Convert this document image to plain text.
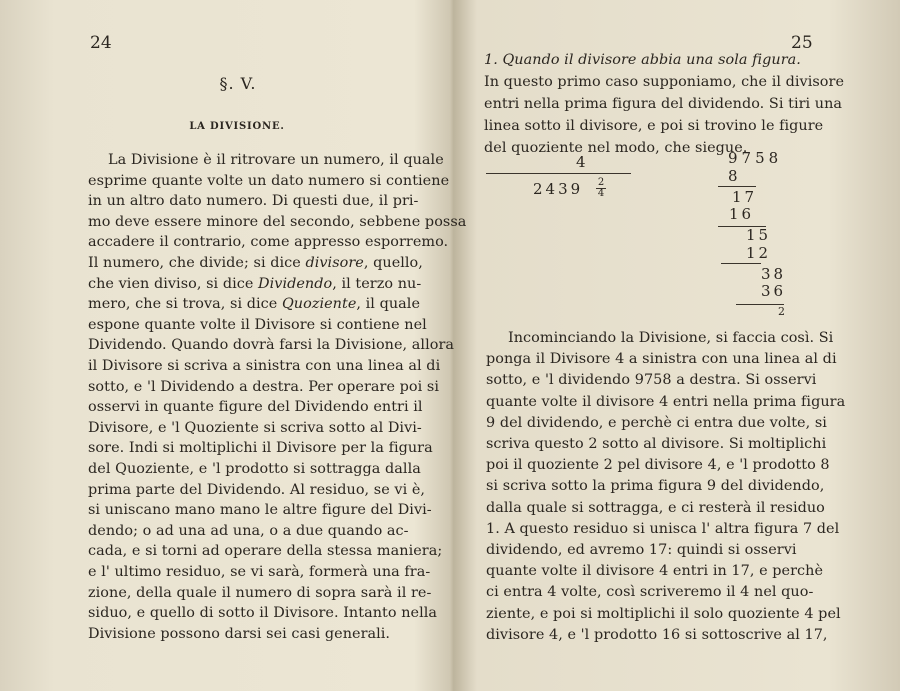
24
§. V.
LA DIVISIONE.
La Divisione è il ritrovare un numero, il quale
esprime quante volte un dato numero si contiene
in un altro dato numero. Di questi due, il pri-
mo deve essere minore del secondo, sebbene possa
accadere il contrario, come appresso esporremo.
Il numero, che divide; si dice divisore, quello,
che vien diviso, si dice Dividendo, il terzo nu-
mero, che si trova, si dice Quoziente, il quale
espone quante volte il Divisore si contiene nel
Dividendo. Quando dovrà farsi la Divisione, allora
il Divisore si scriva a sinistra con una linea al di
sotto, e 'l Dividendo a destra. Per operare poi si
osservi in quante figure del Dividendo entri il
Divisore, e 'l Quoziente si scriva sotto al Divi-
sore. Indi si moltiplichi il Divisore per la figura
del Quoziente, e 'l prodotto si sottragga dalla
prima parte del Dividendo. Al residuo, se vi è,
si uniscano mano mano le altre figure del Divi-
dendo; o ad una ad una, o a due quando ac-
cada, e si torni ad operare della stessa maniera;
e l' ultimo residuo, se vi sarà, formerà una fra-
zione, della quale il numero di sopra sarà il re-
siduo, e quello di sotto il Divisore. Intanto nella
Divisione possono darsi sei casi generali.
25
1. Quando il divisore abbia una sola figura.
In questo primo caso supponiamo, che il divisore
entri nella prima figura del dividendo. Si tiri una
linea sotto il divisore, e poi si trovino le figure
del quoziente nel modo, che siegue.
4
2439 2
4
9758
8
17
16
15
12
38
36
2
Incominciando la Divisione, si faccia così. Si
ponga il Divisore 4 a sinistra con una linea al di
sotto, e 'l dividendo 9758 a destra. Si osservi
quante volte il divisore 4 entri nella prima figura
9 del dividendo, e perchè ci entra due volte, si
scriva questo 2 sotto al divisore. Si moltiplichi
poi il quoziente 2 pel divisore 4, e 'l prodotto 8
si scriva sotto la prima figura 9 del dividendo,
dalla quale si sottragga, e ci resterà il residuo
1. A questo residuo si unisca l' altra figura 7 del
dividendo, ed avremo 17: quindi si osservi
quante volte il divisore 4 entri in 17, e perchè
ci entra 4 volte, così scriveremo il 4 nel quo-
ziente, e poi si moltiplichi il solo quoziente 4 pel
divisore 4, e 'l prodotto 16 si sottoscrive al 17,
